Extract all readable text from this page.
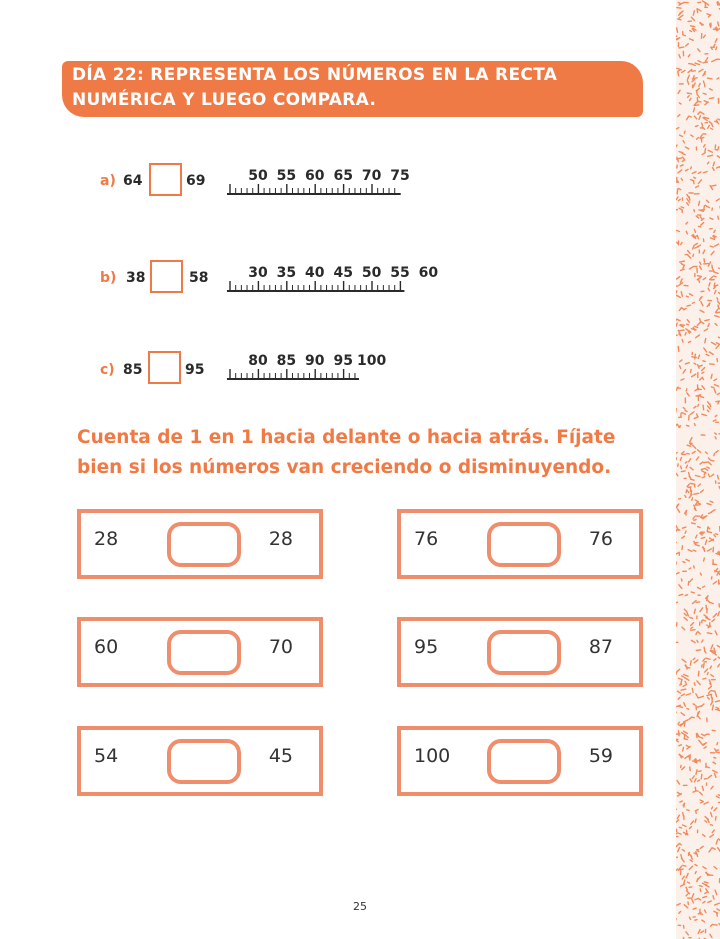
DÍA 22: REPRESENTA LOS NÚMEROS EN LA RECTA NUMÉRICA Y LUEGO COMPARA.
a) 64	69	50 55 60 65 70 75
b) 38	58	30 35 40 45 50 55 60
c) 85	95
80 85 90 95 100
Cuenta de 1 en 1 hacia delante o hacia atrás. Fíjate bien si los números van creciendo o disminuyendo.
28	28	76	76
60	70	95	87
54	45	100	59
25
